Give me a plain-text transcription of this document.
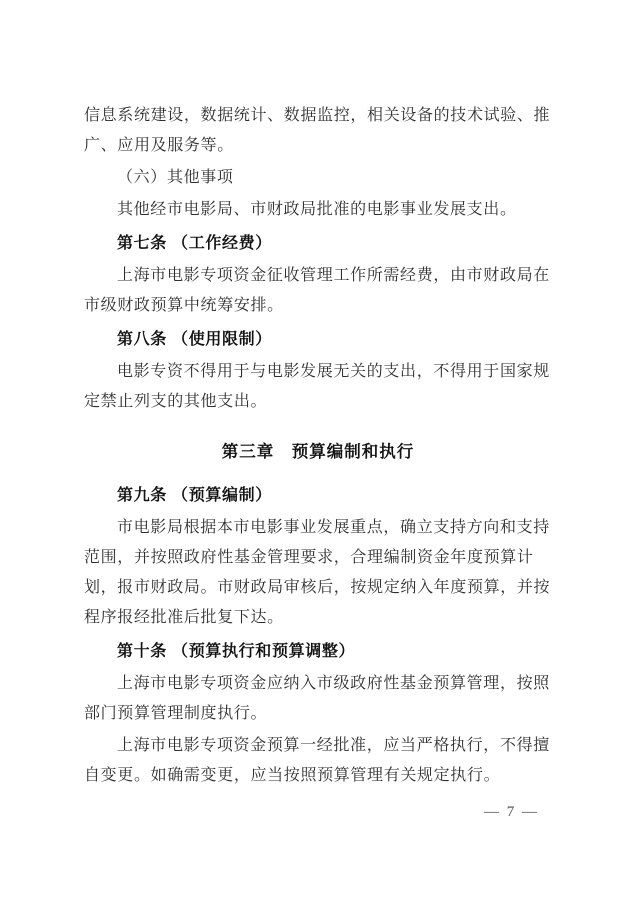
信息系统建设，数据统计、数据监控，相关设备的技术试验、推
广、应用及服务等。
（六）其他事项
其他经市电影局、市财政局批准的电影事业发展支出。
第七条 （工作经费）
上海市电影专项资金征收管理工作所需经费，由市财政局在
市级财政预算中统筹安排。
第八条 （使用限制）
电影专资不得用于与电影发展无关的支出，不得用于国家规
定禁止列支的其他支出。
第三章　预算编制和执行
第九条 （预算编制）
市电影局根据本市电影事业发展重点，确立支持方向和支持
范围，并按照政府性基金管理要求，合理编制资金年度预算计
划，报市财政局。市财政局审核后，按规定纳入年度预算，并按
程序报经批准后批复下达。
第十条 （预算执行和预算调整）
上海市电影专项资金应纳入市级政府性基金预算管理，按照
部门预算管理制度执行。
上海市电影专项资金预算一经批准，应当严格执行，不得擅
自变更。如确需变更，应当按照预算管理有关规定执行。
— 7 —
